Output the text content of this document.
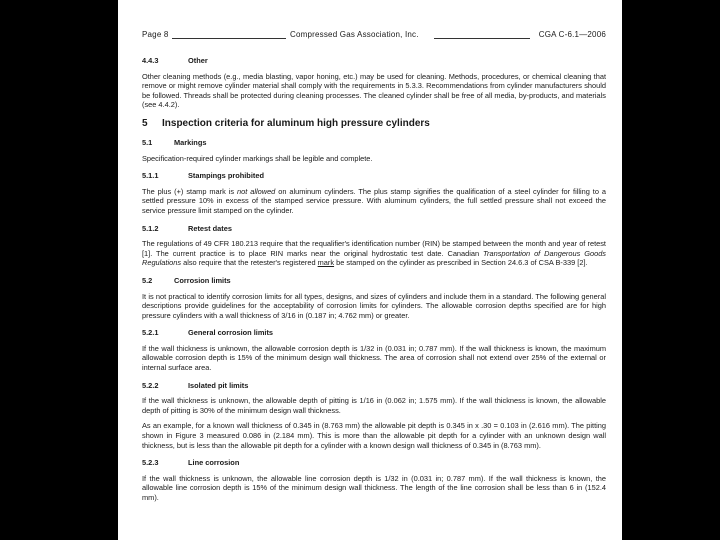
Page 8	Compressed Gas Association, Inc.	CGA C-6.1—2006
4.4.3	Other

Other cleaning methods (e.g., media blasting, vapor honing, etc.) may be used for cleaning. Methods, procedures, or chemical cleaning that remove or might remove cylinder material shall comply with the requirements in 5.3.3. Recommendations from cylinder manufacturers should be followed. Threads shall be protected during cleaning processes. The cleaned cylinder shall be free of all media, by-products, and materials (see 4.4.2).

5	Inspection criteria for aluminum high pressure cylinders
5.1	Markings

Specification-required cylinder markings shall be legible and complete.

5.1.1	Stampings prohibited

The plus (+) stamp mark is not allowed on aluminum cylinders. The plus stamp signifies the qualification of a steel cylinder for filling to a settled pressure 10% in excess of the stamped service pressure. With aluminum cylinders, the full settled pressure shall not exceed the service pressure limit stamped on the cylinder.

5.1.2	Retest dates

The regulations of 49 CFR 180.213 require that the requalifier's identification number (RIN) be stamped between the month and year of retest [1]. The current practice is to place RIN marks near the original hydrostatic test date. Canadian Transportation of Dangerous Goods Regulations also require that the retester's registered mark be stamped on the cylinder as prescribed in Section 24.6.3 of CSA B-339 [2].

5.2	Corrosion limits

It is not practical to identify corrosion limits for all types, designs, and sizes of cylinders and include them in a standard. The following general descriptions provide guidelines for the acceptability of corrosion limits for cylinders. The allowable corrosion depths specified are for high pressure cylinders with a wall thickness of 3/16 in (0.187 in; 4.762 mm) or greater.

5.2.1	General corrosion limits

If the wall thickness is unknown, the allowable corrosion depth is 1/32 in (0.031 in; 0.787 mm). If the wall thickness is known, the maximum allowable corrosion depth is 15% of the minimum design wall thickness. The area of corrosion shall not extend over 25% of the external or internal surface area.

5.2.2	Isolated pit limits

If the wall thickness is unknown, the allowable depth of pitting is 1/16 in (0.062 in; 1.575 mm). If the wall thickness is known, the allowable depth of pitting is 30% of the minimum design wall thickness.

As an example, for a known wall thickness of 0.345 in (8.763 mm) the allowable pit depth is 0.345 in x .30 = 0.103 in (2.616 mm). The pitting shown in Figure 3 measured 0.086 in (2.184 mm). This is more than the allowable pit depth for a cylinder with an unknown design wall thickness, but is less than the allowable pit depth for a cylinder with a known design wall thickness of 0.345 in (8.763 mm).

5.2.3	Line corrosion

If the wall thickness is unknown, the allowable line corrosion depth is 1/32 in (0.031 in; 0.787 mm). If the wall thickness is known, the allowable line corrosion depth is 15% of the minimum design wall thickness. The length of the line corrosion shall be less than 6 in (152.4 mm).
